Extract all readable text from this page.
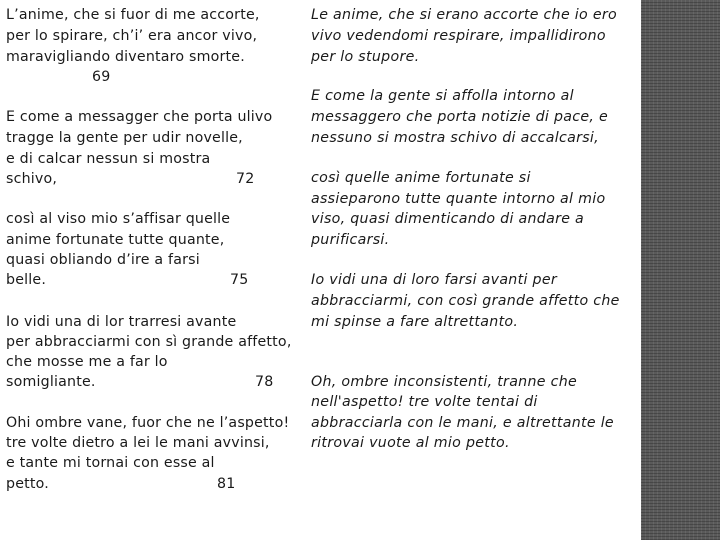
L’anime, che si fuor di me accorte,
per lo spirare, ch’i’ era ancor vivo,
maravigliando diventaro smorte.
69
E come a messagger che porta ulivo
tragge la gente per udir novelle,
e di calcar nessun si mostra
schivo,	72
così al viso mio s’affisar quelle
anime fortunate tutte quante,
quasi obliando d’ire a farsi
belle.	75
Io vidi una di lor trarresi avante
per abbracciarmi con sì grande affetto,
che mosse me a far lo
somigliante.	78
Ohi ombre vane, fuor che ne l’aspetto!
tre volte dietro a lei le mani avvinsi,
e tante mi tornai con esse al
petto.	81
Le anime, che si erano accorte che io ero
vivo vedendomi respirare, impallidirono
per lo stupore.
E come la gente si affolla intorno al
messaggero che porta notizie di pace, e
nessuno si mostra schivo di accalcarsi,
così quelle anime fortunate si
assieparono tutte quante intorno al mio
viso, quasi dimenticando di andare a
purificarsi.
Io vidi una di loro farsi avanti per
abbracciarmi, con così grande affetto che
mi spinse a fare altrettanto.
Oh, ombre inconsistenti, tranne che
nell'aspetto! tre volte tentai di
abbracciarla con le mani, e altrettante le
ritrovai vuote al mio petto.
